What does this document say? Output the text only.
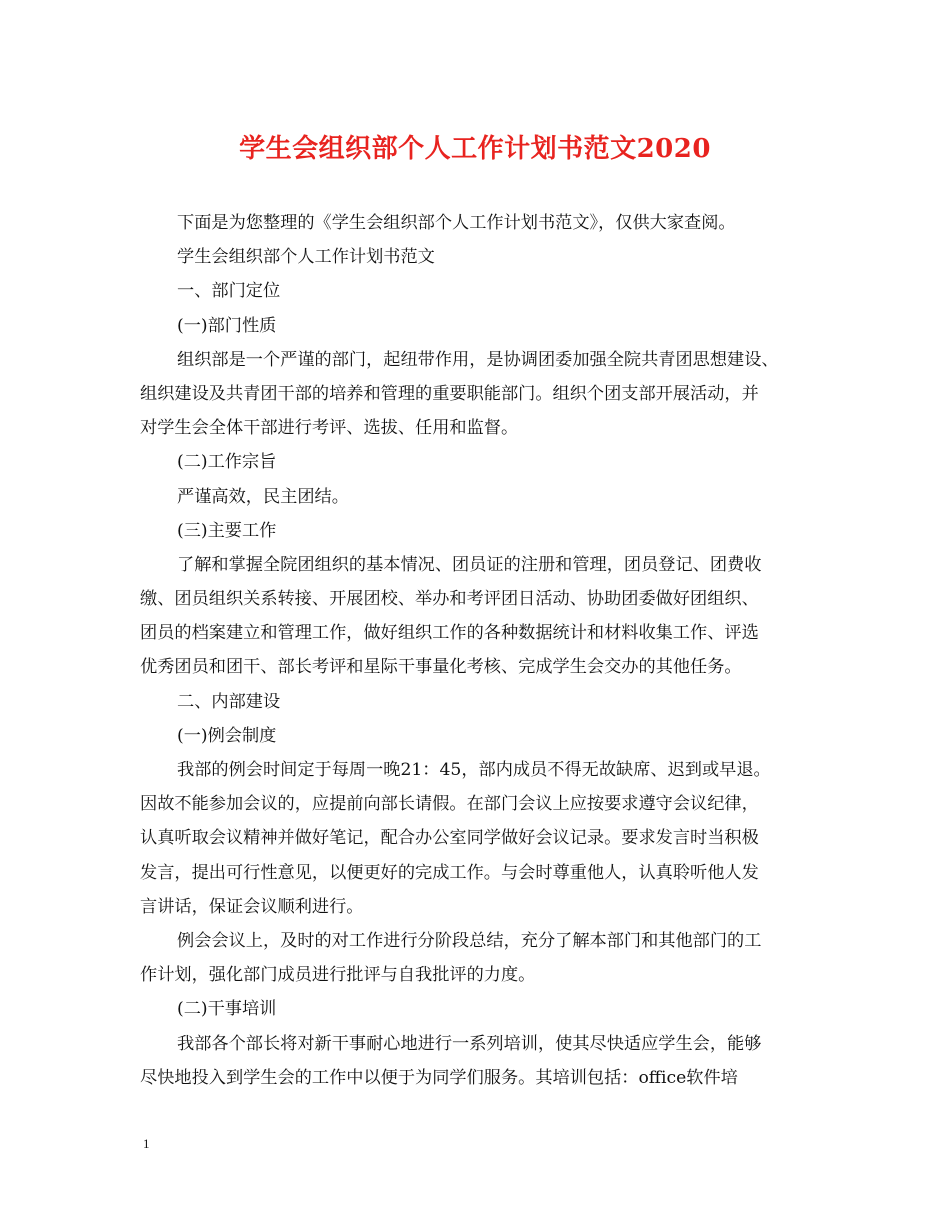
学生会组织部个人工作计划书范文2020
下面是为您整理的《学生会组织部个人工作计划书范文》，仅供大家查阅。
学生会组织部个人工作计划书范文
一、部门定位
(一)部门性质
组织部是一个严谨的部门，起纽带作用，是协调团委加强全院共青团思想建设、
组织建设及共青团干部的培养和管理的重要职能部门。组织个团支部开展活动，并
对学生会全体干部进行考评、选拔、任用和监督。
(二)工作宗旨
严谨高效，民主团结。
(三)主要工作
了解和掌握全院团组织的基本情况、团员证的注册和管理，团员登记、团费收
缴、团员组织关系转接、开展团校、举办和考评团日活动、协助团委做好团组织、
团员的档案建立和管理工作，做好组织工作的各种数据统计和材料收集工作、评选
优秀团员和团干、部长考评和星际干事量化考核、完成学生会交办的其他任务。
二、内部建设
(一)例会制度
我部的例会时间定于每周一晚21：45，部内成员不得无故缺席、迟到或早退。
因故不能参加会议的，应提前向部长请假。在部门会议上应按要求遵守会议纪律，
认真听取会议精神并做好笔记，配合办公室同学做好会议记录。要求发言时当积极
发言，提出可行性意见，以便更好的完成工作。与会时尊重他人，认真聆听他人发
言讲话，保证会议顺利进行。
例会会议上，及时的对工作进行分阶段总结，充分了解本部门和其他部门的工
作计划，强化部门成员进行批评与自我批评的力度。
(二)干事培训
我部各个部长将对新干事耐心地进行一系列培训，使其尽快适应学生会，能够
尽快地投入到学生会的工作中以便于为同学们服务。其培训包括：office软件培
1
